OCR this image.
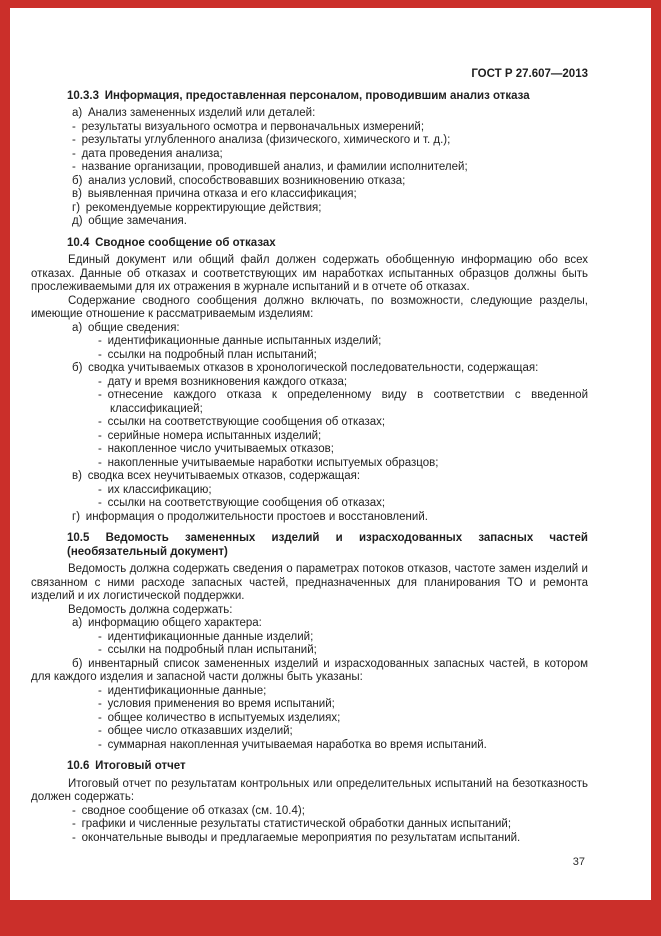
ГОСТ Р 27.607—2013
10.3.3 Информация, предоставленная персоналом, проводившим анализ отказа
а) Анализ замененных изделий или деталей:
- результаты визуального осмотра и первоначальных измерений;
- результаты углубленного анализа (физического, химического и т. д.);
- дата проведения анализа;
- название организации, проводившей анализ, и фамилии исполнителей;
б) анализ условий, способствовавших возникновению отказа;
в) выявленная причина отказа и его классификация;
г) рекомендуемые корректирующие действия;
д) общие замечания.
10.4 Сводное сообщение об отказах
Единый документ или общий файл должен содержать обобщенную информацию обо всех отказах. Данные об отказах и соответствующих им наработках испытанных образцов должны быть прослеживаемыми для их отражения в журнале испытаний и в отчете об отказах.
Содержание сводного сообщения должно включать, по возможности, следующие разделы, имеющие отношение к рассматриваемым изделиям:
а) общие сведения:
- идентификационные данные испытанных изделий;
- ссылки на подробный план испытаний;
б) сводка учитываемых отказов в хронологической последовательности, содержащая:
- дату и время возникновения каждого отказа;
- отнесение каждого отказа к определенному виду в соответствии с введенной классификацией;
- ссылки на соответствующие сообщения об отказах;
- серийные номера испытанных изделий;
- накопленное число учитываемых отказов;
- накопленные учитываемые наработки испытуемых образцов;
в) сводка всех неучитываемых отказов, содержащая:
- их классификацию;
- ссылки на соответствующие сообщения об отказах;
г) информация о продолжительности простоев и восстановлений.
10.5 Ведомость замененных изделий и израсходованных запасных частей
(необязательный документ)
Ведомость должна содержать сведения о параметрах потоков отказов, частоте замен изделий и связанном с ними расходе запасных частей, предназначенных для планирования ТО и ремонта изделий и их логистической поддержки.
Ведомость должна содержать:
а) информацию общего характера:
- идентификационные данные изделий;
- ссылки на подробный план испытаний;
б) инвентарный список замененных изделий и израсходованных запасных частей, в котором для каждого изделия и запасной части должны быть указаны:
- идентификационные данные;
- условия применения во время испытаний;
- общее количество в испытуемых изделиях;
- общее число отказавших изделий;
- суммарная накопленная учитываемая наработка во время испытаний.
10.6 Итоговый отчет
Итоговый отчет по результатам контрольных или определительных испытаний на безотказность должен содержать:
- сводное сообщение об отказах (см. 10.4);
- графики и численные результаты статистической обработки данных испытаний;
- окончательные выводы и предлагаемые мероприятия по результатам испытаний.
37
